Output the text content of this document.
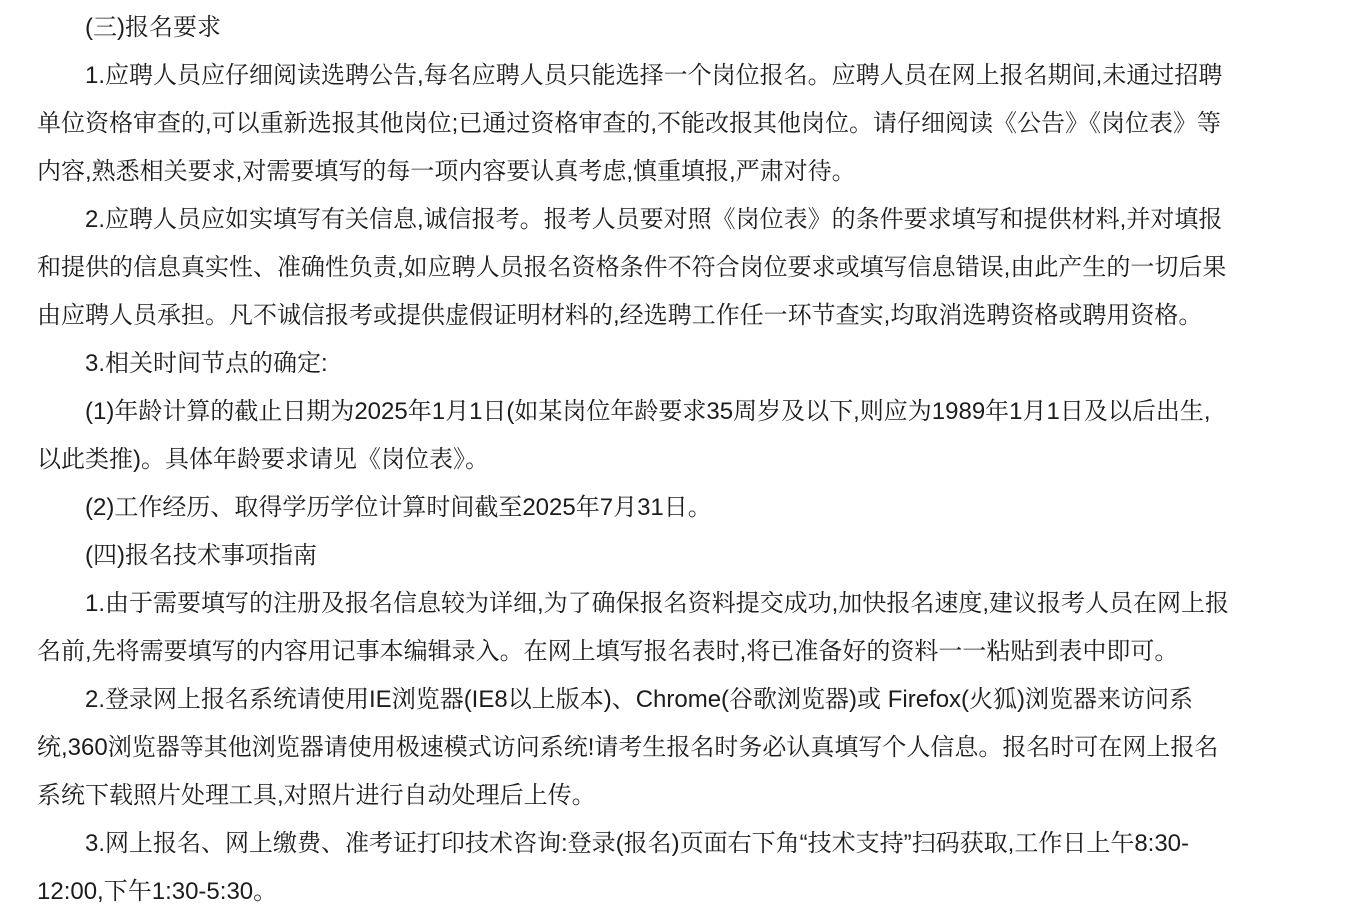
(三)报名要求

1.应聘人员应仔细阅读选聘公告,每名应聘人员只能选择一个岗位报名。应聘人员在网上报名期间,未通过招聘
单位资格审查的,可以重新选报其他岗位;已通过资格审查的,不能改报其他岗位。请仔细阅读《公告》《岗位表》等
内容,熟悉相关要求,对需要填写的每一项内容要认真考虑,慎重填报,严肃对待。

2.应聘人员应如实填写有关信息,诚信报考。报考人员要对照《岗位表》的条件要求填写和提供材料,并对填报
和提供的信息真实性、准确性负责,如应聘人员报名资格条件不符合岗位要求或填写信息错误,由此产生的一切后果
由应聘人员承担。凡不诚信报考或提供虚假证明材料的,经选聘工作任一环节查实,均取消选聘资格或聘用资格。

3.相关时间节点的确定:

(1)年龄计算的截止日期为2025年1月1日(如某岗位年龄要求35周岁及以下,则应为1989年1月1日及以后出生,
以此类推)。具体年龄要求请见《岗位表》。

(2)工作经历、取得学历学位计算时间截至2025年7月31日。

(四)报名技术事项指南

1.由于需要填写的注册及报名信息较为详细,为了确保报名资料提交成功,加快报名速度,建议报考人员在网上报
名前,先将需要填写的内容用记事本编辑录入。在网上填写报名表时,将已准备好的资料一一粘贴到表中即可。

2.登录网上报名系统请使用IE浏览器(IE8以上版本)、Chrome(谷歌浏览器)或 Firefox(火狐)浏览器来访问系
统,360浏览器等其他浏览器请使用极速模式访问系统!请考生报名时务必认真填写个人信息。报名时可在网上报名
系统下载照片处理工具,对照片进行自动处理后上传。

3.网上报名、网上缴费、准考证打印技术咨询:登录(报名)页面右下角“技术支持”扫码获取,工作日上午8:30-
12:00,下午1:30-5:30。
